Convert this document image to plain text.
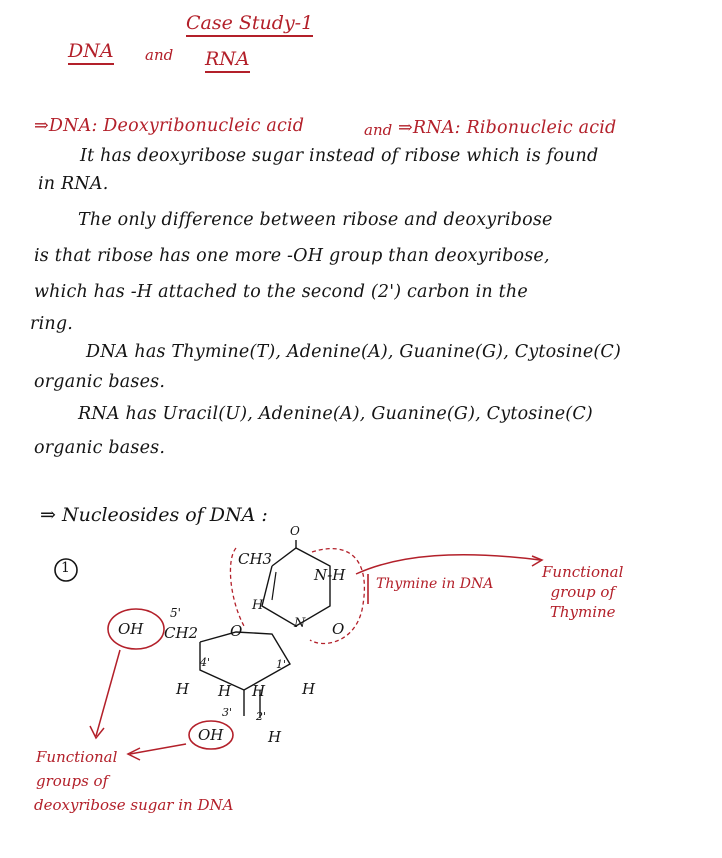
Case Study-1
DNA and RNA
⇒DNA: Deoxyribonucleic acid	and ⇒RNA: Ribonucleic acid
It has deoxyribose sugar instead of ribose which is found
in RNA.
The only difference between ribose and deoxyribose
is that ribose has one more -OH group than deoxyribose,
which has -H attached to the second (2') carbon in the
ring.
DNA has Thymine(T), Adenine(A), Guanine(G), Cytosine(C)
organic bases.
RNA has Uracil(U), Adenine(A), Guanine(G), Cytosine(C)
organic bases.
⇒ Nucleosides of DNA :
1	CH3
O
N-H
H
N O
Thymine in DNA
5'
OH CH2 O
4'	1'
H H H H
3' 2'
OH	H
Functional
group of
Thymine
Functional
groups of
deoxyribose sugar in DNA
